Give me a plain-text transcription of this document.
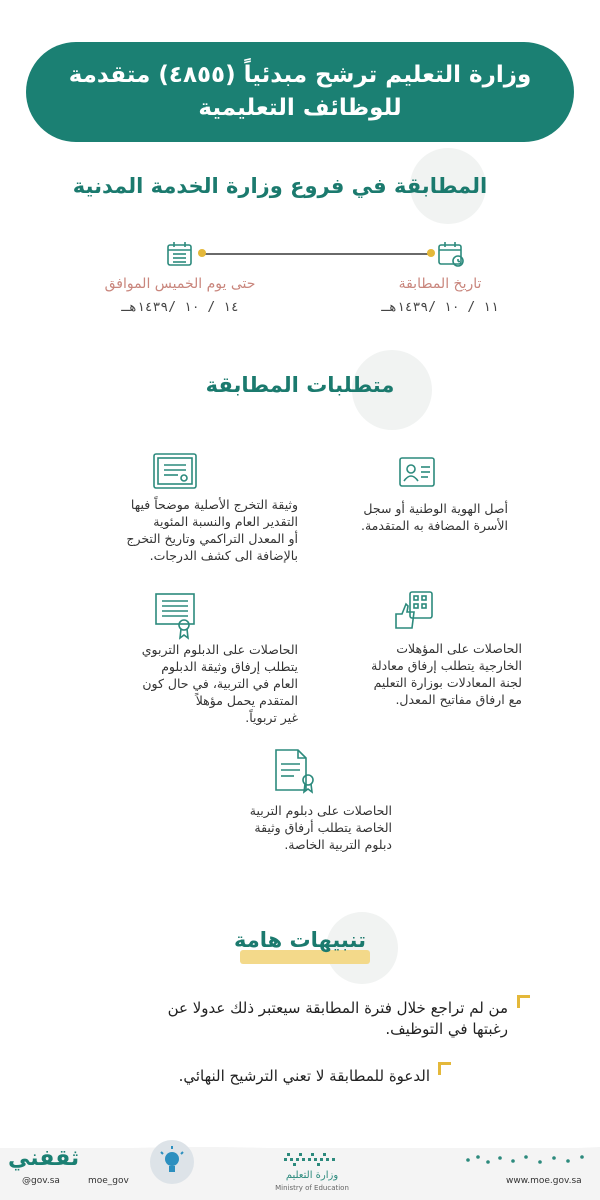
وزارة التعليم ترشح مبدئياً (٤٨٥٥) متقدمة
للوظائف التعليمية
المطابقة في فروع وزارة الخدمة المدنية
تاريخ المطابقة
١١ / ١٠ /١٤٣٩هـ
حتى يوم الخميس الموافق
١٤ / ١٠ /١٤٣٩هـ
متطلبات المطابقة
أصل الهوية الوطنية أو سجل
الأسرة المضافة به المتقدمة.
وثيقة التخرج الأصلية موضحاً فيها
التقدير العام والنسبة المئوية
أو المعدل التراكمي وتاريخ التخرج
بالإضافة الى كشف الدرجات.
الحاصلات على المؤهلات
الخارجية يتطلب إرفاق معادلة
لجنة المعادلات بوزارة التعليم
مع ارفاق مفاتيح المعدل.
الحاصلات على الدبلوم التربوي
يتطلب إرفاق وثيقة الدبلوم
العام في التربية، في حال كون
المتقدم يحمل مؤهلاً
غير تربوياً.
الحاصلات على دبلوم التربية
الخاصة يتطلب أرفاق وثيقة
دبلوم التربية الخاصة.
تنبيهات هامة
من لم تراجع خلال فترة المطابقة سيعتبر ذلك عدولا عن
رغبتها في التوظيف.
الدعوة للمطابقة لا تعني الترشيح النهائي.
ثقفني
@gov.sa	moe_gov	وزارة التعليم
Ministry of Education
www.moe.gov.sa
